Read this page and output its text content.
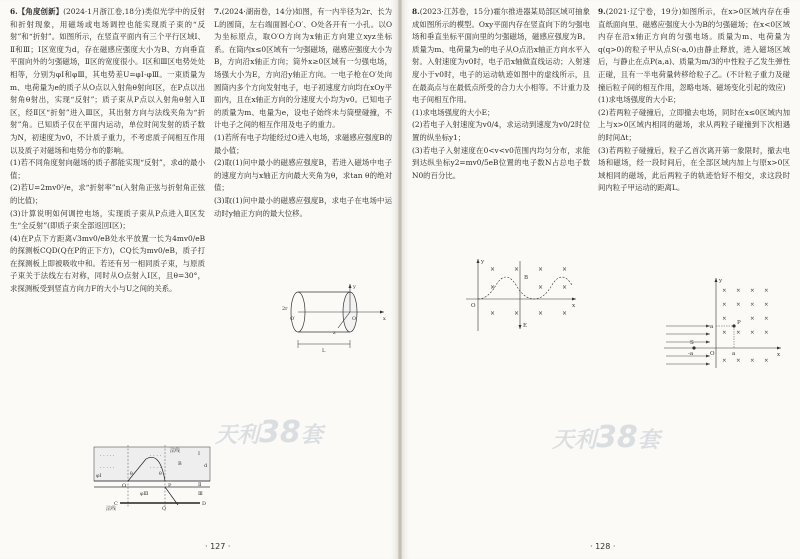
6.【角度创新】(2024·1月浙江卷,18分)类似光学中的反射和折射现象，用磁场或电场调控也能实现质子束的“反射”和“折射”。如图所示，在竖直平面内有三个平行区域Ⅰ、Ⅱ和Ⅲ；Ⅰ区宽度为d，存在磁感应强度大小为B、方向垂直平面向外的匀强磁场，Ⅱ区的宽度很小。Ⅰ区和Ⅲ区电势处处相等，分别为φⅠ和φⅢ，其电势差U=φⅠ-φⅢ。一束质量为m、电荷量为e的质子从O点以入射角θ射向Ⅰ区，在P点以出射角θ射出，实现“反射”；质子束从P点以入射角θ射入Ⅱ区，经Ⅱ区“折射”进入Ⅲ区，其出射方向与法线夹角为“折射”角。已知质子仅在平面内运动，单位时间发射的质子数为N，初速度为v0，不计质子重力，不考虑质子间相互作用以及质子对磁场和电势分布的影响。

(1)若不同角度射向磁场的质子都能实现“反射”，求d的最小值；
(2)若U=2mv0²/e，求“折射率”n(入射角正弦与折射角正弦的比值)；
(3)计算说明如何调控电场，实现质子束从P点进入Ⅱ区发生“全反射”(即质子束全部返回Ⅰ区)；
(4)在P点下方距离√3mv0/eB处水平放置一长为4mv0/eB的探测板CQD(Q在P的正下方)，CQ长为mv0/eB，质子打在探测板上即被吸收中和。若还有另一相同质子束，与原质子束关于法线左右对称，同时从O点射入Ⅰ区，且θ=30°，求探测板受到竖直方向力F的大小与U之间的关系。
· · · · ·	· · · ·
· · · · ·	· · · ·
法线
法线
Ⅰ
Ⅱ
Ⅲ
φⅠ
φⅢ
B
O	P
θ	θ
d
C	D
Q

7.(2024·湖南卷，14分)如图，有一内半径为2r、长为L的圆筒，左右端面圆心O′、O处各开有一小孔。以O为坐标原点，取O′O方向为x轴正方向建立xyz坐标系。在筒内x≤0区域有一匀强磁场，磁感应强度大小为B，方向沿x轴正方向；筒外x≥0区域有一匀强电场，场强大小为E，方向沿y轴正方向。一电子枪在O′处向圆筒内多个方向发射电子，电子初速度方向均在xOy平面内，且在x轴正方向的分速度大小均为v0。已知电子的质量为m、电量为e，设电子始终未与筒壁碰撞，不计电子之间的相互作用及电子的重力。

(1)若所有电子均能经过O进入电场，求磁感应强度B的最小值；
(2)取(1)问中最小的磁感应强度B，若进入磁场中电子的速度方向与x轴正方向最大夹角为θ，求tan θ的绝对值；
(3)取(1)问中最小的磁感应强度B，求电子在电场中运动时y轴正方向的最大位移。
2r
O′	O
L
x
y
z
天利38套
· 127 ·

8.(2023·江苏卷，15分)霍尔推进器某局部区域可抽象成如图所示的模型。Oxy平面内存在竖直向下的匀强电场和垂直坐标平面向里的匀强磁场，磁感应强度为B。质量为m、电荷量为e的电子从O点沿x轴正方向水平入射。入射速度为v0时，电子沿x轴做直线运动；入射速度小于v0时，电子的运动轨迹如图中的虚线所示，且在最高点与在最低点所受的合力大小相等。不计重力及电子间相互作用。

(1)求电场强度的大小E；
(2)若电子入射速度为v0/4，求运动到速度为v0/2时位置的纵坐标y1；
(3)若电子入射速度在0<v<v0范围内均匀分布，求能到达纵坐标y2=mv0/5eB位置的电子数N占总电子数N0的百分比。
×	×	×	×
×	×	×
×	×	×	×
y
x
O
B
E

9.(2021·辽宁卷，19分)如图所示，在x>0区域内存在垂直纸面向里、磁感应强度大小为B的匀强磁场；在x<0区域内存在沿x轴正方向的匀强电场。质量为m、电荷量为q(q>0)的粒子甲从点S(-a,0)由静止释放，进入磁场区域后，与静止在点P(a,a)、质量为m/3的中性粒子乙发生弹性正碰，且有一半电荷量转移给粒子乙。(不计粒子重力及碰撞后粒子间的相互作用，忽略电场、磁场变化引起的效应)

(1)求电场强度的大小E；
(2)若两粒子碰撞后，立即撤去电场，同时在x≤0区域内加上与x>0区域内相同的磁场，求从两粒子碰撞到下次相遇的时间Δt；
(3)若两粒子碰撞后，粒子乙首次离开第一象限时，撤去电场和磁场，经一段时间后，在全部区域内加上与原x>0区域相同的磁场，此后两粒子的轨迹恰好不相交，求这段时间内粒子甲运动的距离L。
× × × ×
× × × ×
×	× ×
× × × ×
× × × ×
y
x
O
a
a
P
S
-a
天利38套
· 128 ·
